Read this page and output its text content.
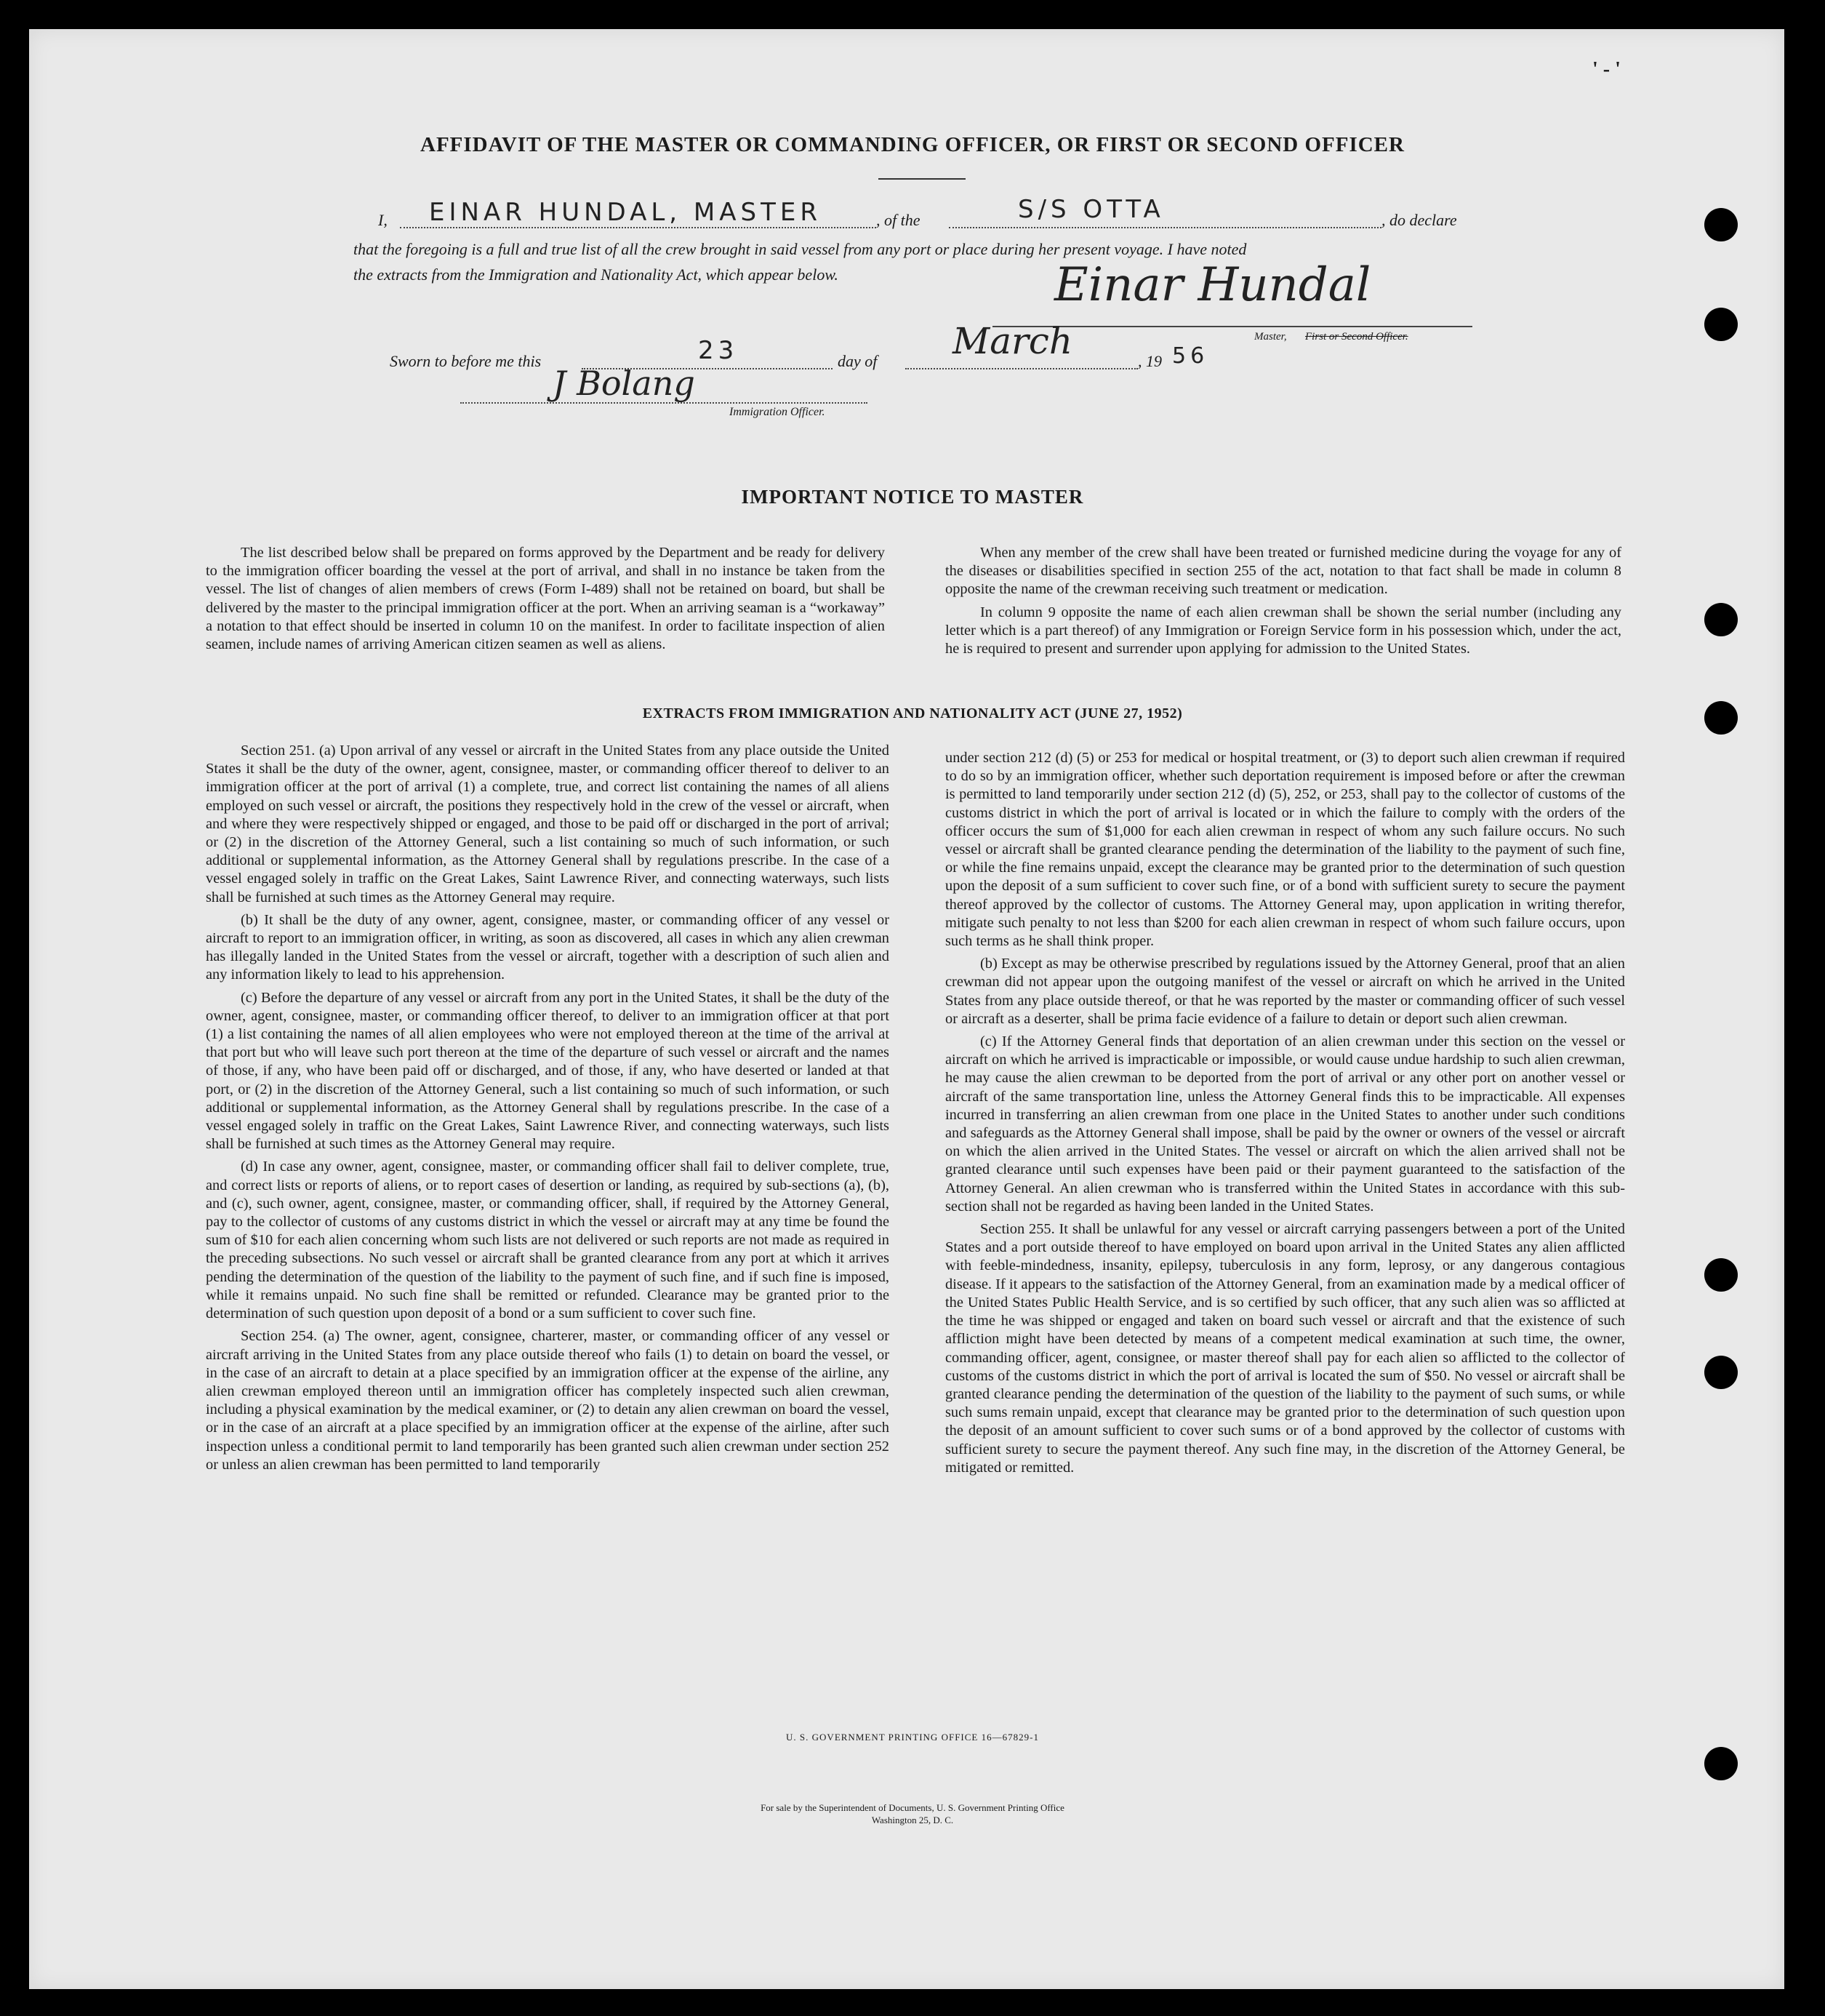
' - '
AFFIDAVIT OF THE MASTER OR COMMANDING OFFICER, OR FIRST OR SECOND OFFICER
I, EINAR HUNDAL, MASTER	, of the	S/S OTTA	, do declare
that the foregoing is a full and true list of all the crew brought in said vessel from any port or place during her present voyage. I have noted
the extracts from the Immigration and Nationality Act, which appear below.	Einar Hundal
Master, First or Second Officer.
Sworn to before me this	23	day of March	, 19 56
J Bolang
Immigration Officer.
IMPORTANT NOTICE TO MASTER

The list described below shall be prepared on forms approved by the Department and be ready for delivery to the immigration officer boarding the vessel at the port of arrival, and shall in no instance be taken from the vessel. The list of changes of alien members of crews (Form I-489) shall not be retained on board, but shall be delivered by the master to the principal immigration officer at the port. When an arriving seaman is a “workaway” a notation to that effect should be inserted in column 10 on the manifest. In order to facilitate inspection of alien seamen, include names of arriving American citizen seamen as well as aliens.

When any member of the crew shall have been treated or furnished medicine during the voyage for any of the diseases or disabilities specified in section 255 of the act, notation to that fact shall be made in column 8 opposite the name of the crewman receiving such treatment or medication.

In column 9 opposite the name of each alien crewman shall be shown the serial number (including any letter which is a part thereof) of any Immigration or Foreign Service form in his possession which, under the act, he is required to present and surrender upon applying for admission to the United States.

EXTRACTS FROM IMMIGRATION AND NATIONALITY ACT (JUNE 27, 1952)

Section 251. (a) Upon arrival of any vessel or aircraft in the United States from any place outside the United States it shall be the duty of the owner, agent, consignee, master, or commanding officer thereof to deliver to an immigration officer at the port of arrival (1) a complete, true, and correct list containing the names of all aliens employed on such vessel or aircraft, the positions they respectively hold in the crew of the vessel or aircraft, when and where they were respectively shipped or engaged, and those to be paid off or discharged in the port of arrival; or (2) in the discretion of the Attorney General, such a list containing so much of such information, or such additional or supplemental information, as the Attorney General shall by regulations prescribe. In the case of a vessel engaged solely in traffic on the Great Lakes, Saint Lawrence River, and connecting waterways, such lists shall be furnished at such times as the Attorney General may require.

(b) It shall be the duty of any owner, agent, consignee, master, or commanding officer of any vessel or aircraft to report to an immigration officer, in writing, as soon as discovered, all cases in which any alien crewman has illegally landed in the United States from the vessel or aircraft, together with a description of such alien and any information likely to lead to his apprehension.

(c) Before the departure of any vessel or aircraft from any port in the United States, it shall be the duty of the owner, agent, consignee, master, or commanding officer thereof, to deliver to an immigration officer at that port (1) a list containing the names of all alien employees who were not employed thereon at the time of the arrival at that port but who will leave such port thereon at the time of the departure of such vessel or aircraft and the names of those, if any, who have been paid off or discharged, and of those, if any, who have deserted or landed at that port, or (2) in the discretion of the Attorney General, such a list containing so much of such information, or such additional or supplemental information, as the Attorney General shall by regulations prescribe. In the case of a vessel engaged solely in traffic on the Great Lakes, Saint Lawrence River, and connecting waterways, such lists shall be furnished at such times as the Attorney General may require.

(d) In case any owner, agent, consignee, master, or commanding officer shall fail to deliver complete, true, and correct lists or reports of aliens, or to report cases of desertion or landing, as required by sub-sections (a), (b), and (c), such owner, agent, consignee, master, or commanding officer, shall, if required by the Attorney General, pay to the collector of customs of any customs district in which the vessel or aircraft may at any time be found the sum of $10 for each alien concerning whom such lists are not delivered or such reports are not made as required in the preceding subsections. No such vessel or aircraft shall be granted clearance from any port at which it arrives pending the determination of the question of the liability to the payment of such fine, and if such fine is imposed, while it remains unpaid. No such fine shall be remitted or refunded. Clearance may be granted prior to the determination of such question upon deposit of a bond or a sum sufficient to cover such fine.

Section 254. (a) The owner, agent, consignee, charterer, master, or commanding officer of any vessel or aircraft arriving in the United States from any place outside thereof who fails (1) to detain on board the vessel, or in the case of an aircraft to detain at a place specified by an immigration officer at the expense of the airline, any alien crewman employed thereon until an immigration officer has completely inspected such alien crewman, including a physical examination by the medical examiner, or (2) to detain any alien crewman on board the vessel, or in the case of an aircraft at a place specified by an immigration officer at the expense of the airline, after such inspection unless a conditional permit to land temporarily has been granted such alien crewman under section 252 or unless an alien crewman has been permitted to land temporarily

under section 212 (d) (5) or 253 for medical or hospital treatment, or (3) to deport such alien crewman if required to do so by an immigration officer, whether such deportation requirement is imposed before or after the crewman is permitted to land temporarily under section 212 (d) (5), 252, or 253, shall pay to the collector of customs of the customs district in which the port of arrival is located or in which the failure to comply with the orders of the officer occurs the sum of $1,000 for each alien crewman in respect of whom any such failure occurs. No such vessel or aircraft shall be granted clearance pending the determination of the liability to the payment of such fine, or while the fine remains unpaid, except the clearance may be granted prior to the determination of such question upon the deposit of a sum sufficient to cover such fine, or of a bond with sufficient surety to secure the payment thereof approved by the collector of customs. The Attorney General may, upon application in writing therefor, mitigate such penalty to not less than $200 for each alien crewman in respect of whom such failure occurs, upon such terms as he shall think proper.

(b) Except as may be otherwise prescribed by regulations issued by the Attorney General, proof that an alien crewman did not appear upon the outgoing manifest of the vessel or aircraft on which he arrived in the United States from any place outside thereof, or that he was reported by the master or commanding officer of such vessel or aircraft as a deserter, shall be prima facie evidence of a failure to detain or deport such alien crewman.

(c) If the Attorney General finds that deportation of an alien crewman under this section on the vessel or aircraft on which he arrived is impracticable or impossible, or would cause undue hardship to such alien crewman, he may cause the alien crewman to be deported from the port of arrival or any other port on another vessel or aircraft of the same transportation line, unless the Attorney General finds this to be impracticable. All expenses incurred in transferring an alien crewman from one place in the United States to another under such conditions and safeguards as the Attorney General shall impose, shall be paid by the owner or owners of the vessel or aircraft on which the alien arrived in the United States. The vessel or aircraft on which the alien arrived shall not be granted clearance until such expenses have been paid or their payment guaranteed to the satisfaction of the Attorney General. An alien crewman who is transferred within the United States in accordance with this sub-section shall not be regarded as having been landed in the United States.

Section 255. It shall be unlawful for any vessel or aircraft carrying passengers between a port of the United States and a port outside thereof to have employed on board upon arrival in the United States any alien afflicted with feeble-mindedness, insanity, epilepsy, tuberculosis in any form, leprosy, or any dangerous contagious disease. If it appears to the satisfaction of the Attorney General, from an examination made by a medical officer of the United States Public Health Service, and is so certified by such officer, that any such alien was so afflicted at the time he was shipped or engaged and taken on board such vessel or aircraft and that the existence of such affliction might have been detected by means of a competent medical examination at such time, the owner, commanding officer, agent, consignee, or master thereof shall pay for each alien so afflicted to the collector of customs of the customs district in which the port of arrival is located the sum of $50. No vessel or aircraft shall be granted clearance pending the determination of the question of the liability to the payment of such sums, or while such sums remain unpaid, except that clearance may be granted prior to the determination of such question upon the deposit of an amount sufficient to cover such sums or of a bond approved by the collector of customs with sufficient surety to secure the payment thereof. Any such fine may, in the discretion of the Attorney General, be mitigated or remitted.

U. S. GOVERNMENT PRINTING OFFICE 16—67829-1
For sale by the Superintendent of Documents, U. S. Government Printing Office
Washington 25, D. C.
